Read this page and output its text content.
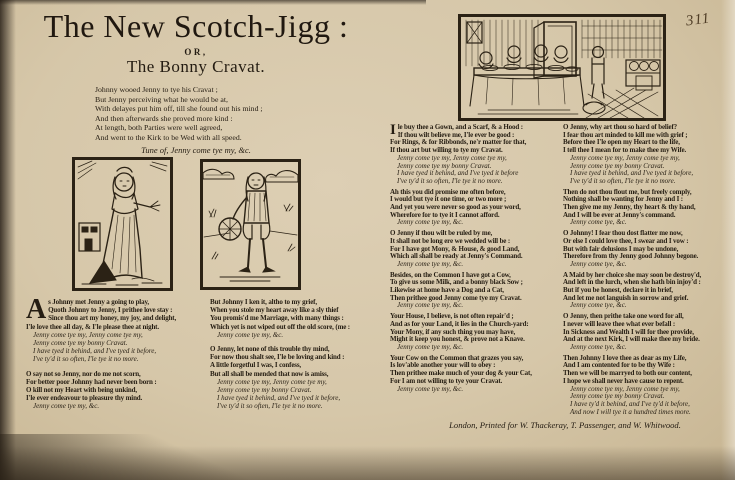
311
The New Scotch-Jigg :
OR,
The Bonny Cravat.
Johnny wooed Jenny to tye his Cravat ;
But Jenny perceiving what he would be at,
With delayes put him off, till she found out his mind ;
And then afterwards she proved more kind :
At length, both Parties were well agreed,
And went to the Kirk to be Wed with all speed.
Tune of, Jenny come tye my, &c.
As Johnny met Jenny a going to play,
Quoth Johnny to Jenny, I prithee love stay :
Since thou art my honey, my joy, and delight,
I'le love thee all day, & I'le please thee at night.
Jenny come tye my, Jenny come tye my,
Jenny come tye my bonny Cravat.
I have tyed it behind, and I've tyed it before,
I've ty'd it so often, I'le tye it no more.
O say not so Jenny, nor do me not scorn,
For better poor Johnny had never been born :
O kill not my Heart with being unkind,
I'le ever endeavour to pleasure thy mind.
Jenny come tye my, &c.
But Johnny I ken it, altho to my grief,
When you stole my heart away like a sly thief
You promis'd me Marriage, with many things :
Which yet is not wiped out off the old score, (me :
Jenny come tye my, &c.
O Jenny, let none of this trouble thy mind,
For now thou shalt see, I'le be loving and kind :
A little forgetful I was, I confess,
But all shall be mended that now is amiss,
Jenny come tye my, Jenny come tye my,
Jenny come tye my bonny Cravat.
I have tyed it behind, and I've tyed it before,
I've ty'd it so often, I'le tye it no more.
Ile buy thee a Gown, and a Scarf, & a Hood :
If thou wilt believe me, I'le ever be good :
For Rings, & for Ribbonds, ne'r matter for that,
If thou art but willing to tye my Cravat.
Jenny come tye my, Jenny come tye my,
Jenny come tye my bonny Cravat.
I have tyed it behind, and I've tyed it before
I've ty'd it so often, I'le tye it no more.
Ah this you did promise me often before,
I would but tye it one time, or two more ;
And yet you were never so good as your word,
Wherefore for to tye it I cannot afford.
Jenny come tye my, &c.
O Jenny if thou wilt be ruled by me,
It shall not be long ere we wedded will be :
For I have got Mony, & House, & good Land,
Which all shall be ready at Jenny's Command.
Jenny come tye my, &c.
Besides, on the Common I have got a Cow,
To give us some Milk, and a bonny black Sow ;
Likewise at home have a Dog and a Cat,
Then prithee good Jenny come tye my Cravat.
Jenny come tye my, &c.
Your House, I believe, is not often repair'd ;
And as for your Land, it lies in the Church-yard:
Your Mony, if any such thing you may have,
Might it keep you honest, & prove not a Knave.
Jenny come tye my, &c.
Your Cow on the Common that grazes you say,
Is lov'able another your will to obey :
Then prithee make much of your dog & your Cat,
For I am not willing to tye your Cravat.
Jenny come tye my, &c.
O Jenny, why art thou so hard of belief?
I fear thou art minded to kill me with grief ;
Before thee I'le open my Heart to the life,
I tell thee I mean for to make thee my Wife.
Jenny come tye my, Jenny come tye my,
Jenny come tye my bonny Cravat.
I have tyed it behind, and I've tyed it before,
I've ty'd it so often, I'le tye it no more.
Then do not thou flout me, but freely comply,
Nothing shall be wanting for Jenny and I :
Then give me my Jenny, thy heart & thy hand,
And I will be ever at Jenny's command.
Jenny come tye, &c.
O Johnny! I fear thou dost flatter me now,
Or else I could love thee, I swear and I vow :
But with fair delusions I may be undone,
Therefore from thy Jenny good Johnny begone.
Jenny come tye, &c.
A Maid by her choice she may soon be destroy'd,
And left in the lurch, when she hath bin injoy'd :
But if you be honest, declare it in brief,
And let me not languish in sorrow and grief.
Jenny come tye, &c.
O Jenny, then prithe take one word for all,
I never will leave thee what ever befall :
In Sickness and Wealth I will for thee provide,
And at the next Kirk, I will make thee my bride.
Jenny come tye, &c.
Then Johnny I love thee as dear as my Life,
And I am contented for to be thy Wife :
Then we will be marryed to both our content,
I hope we shall never have cause to repent.
Jenny come tye my, Jenny come tye my,
Jenny come tye my bonny Cravat.
I have ty'd it behind, and I've ty'd it before,
And now I will tye it a hundred times more.
London, Printed for W. Thackeray, T. Passenger, and W. Whitwood.
